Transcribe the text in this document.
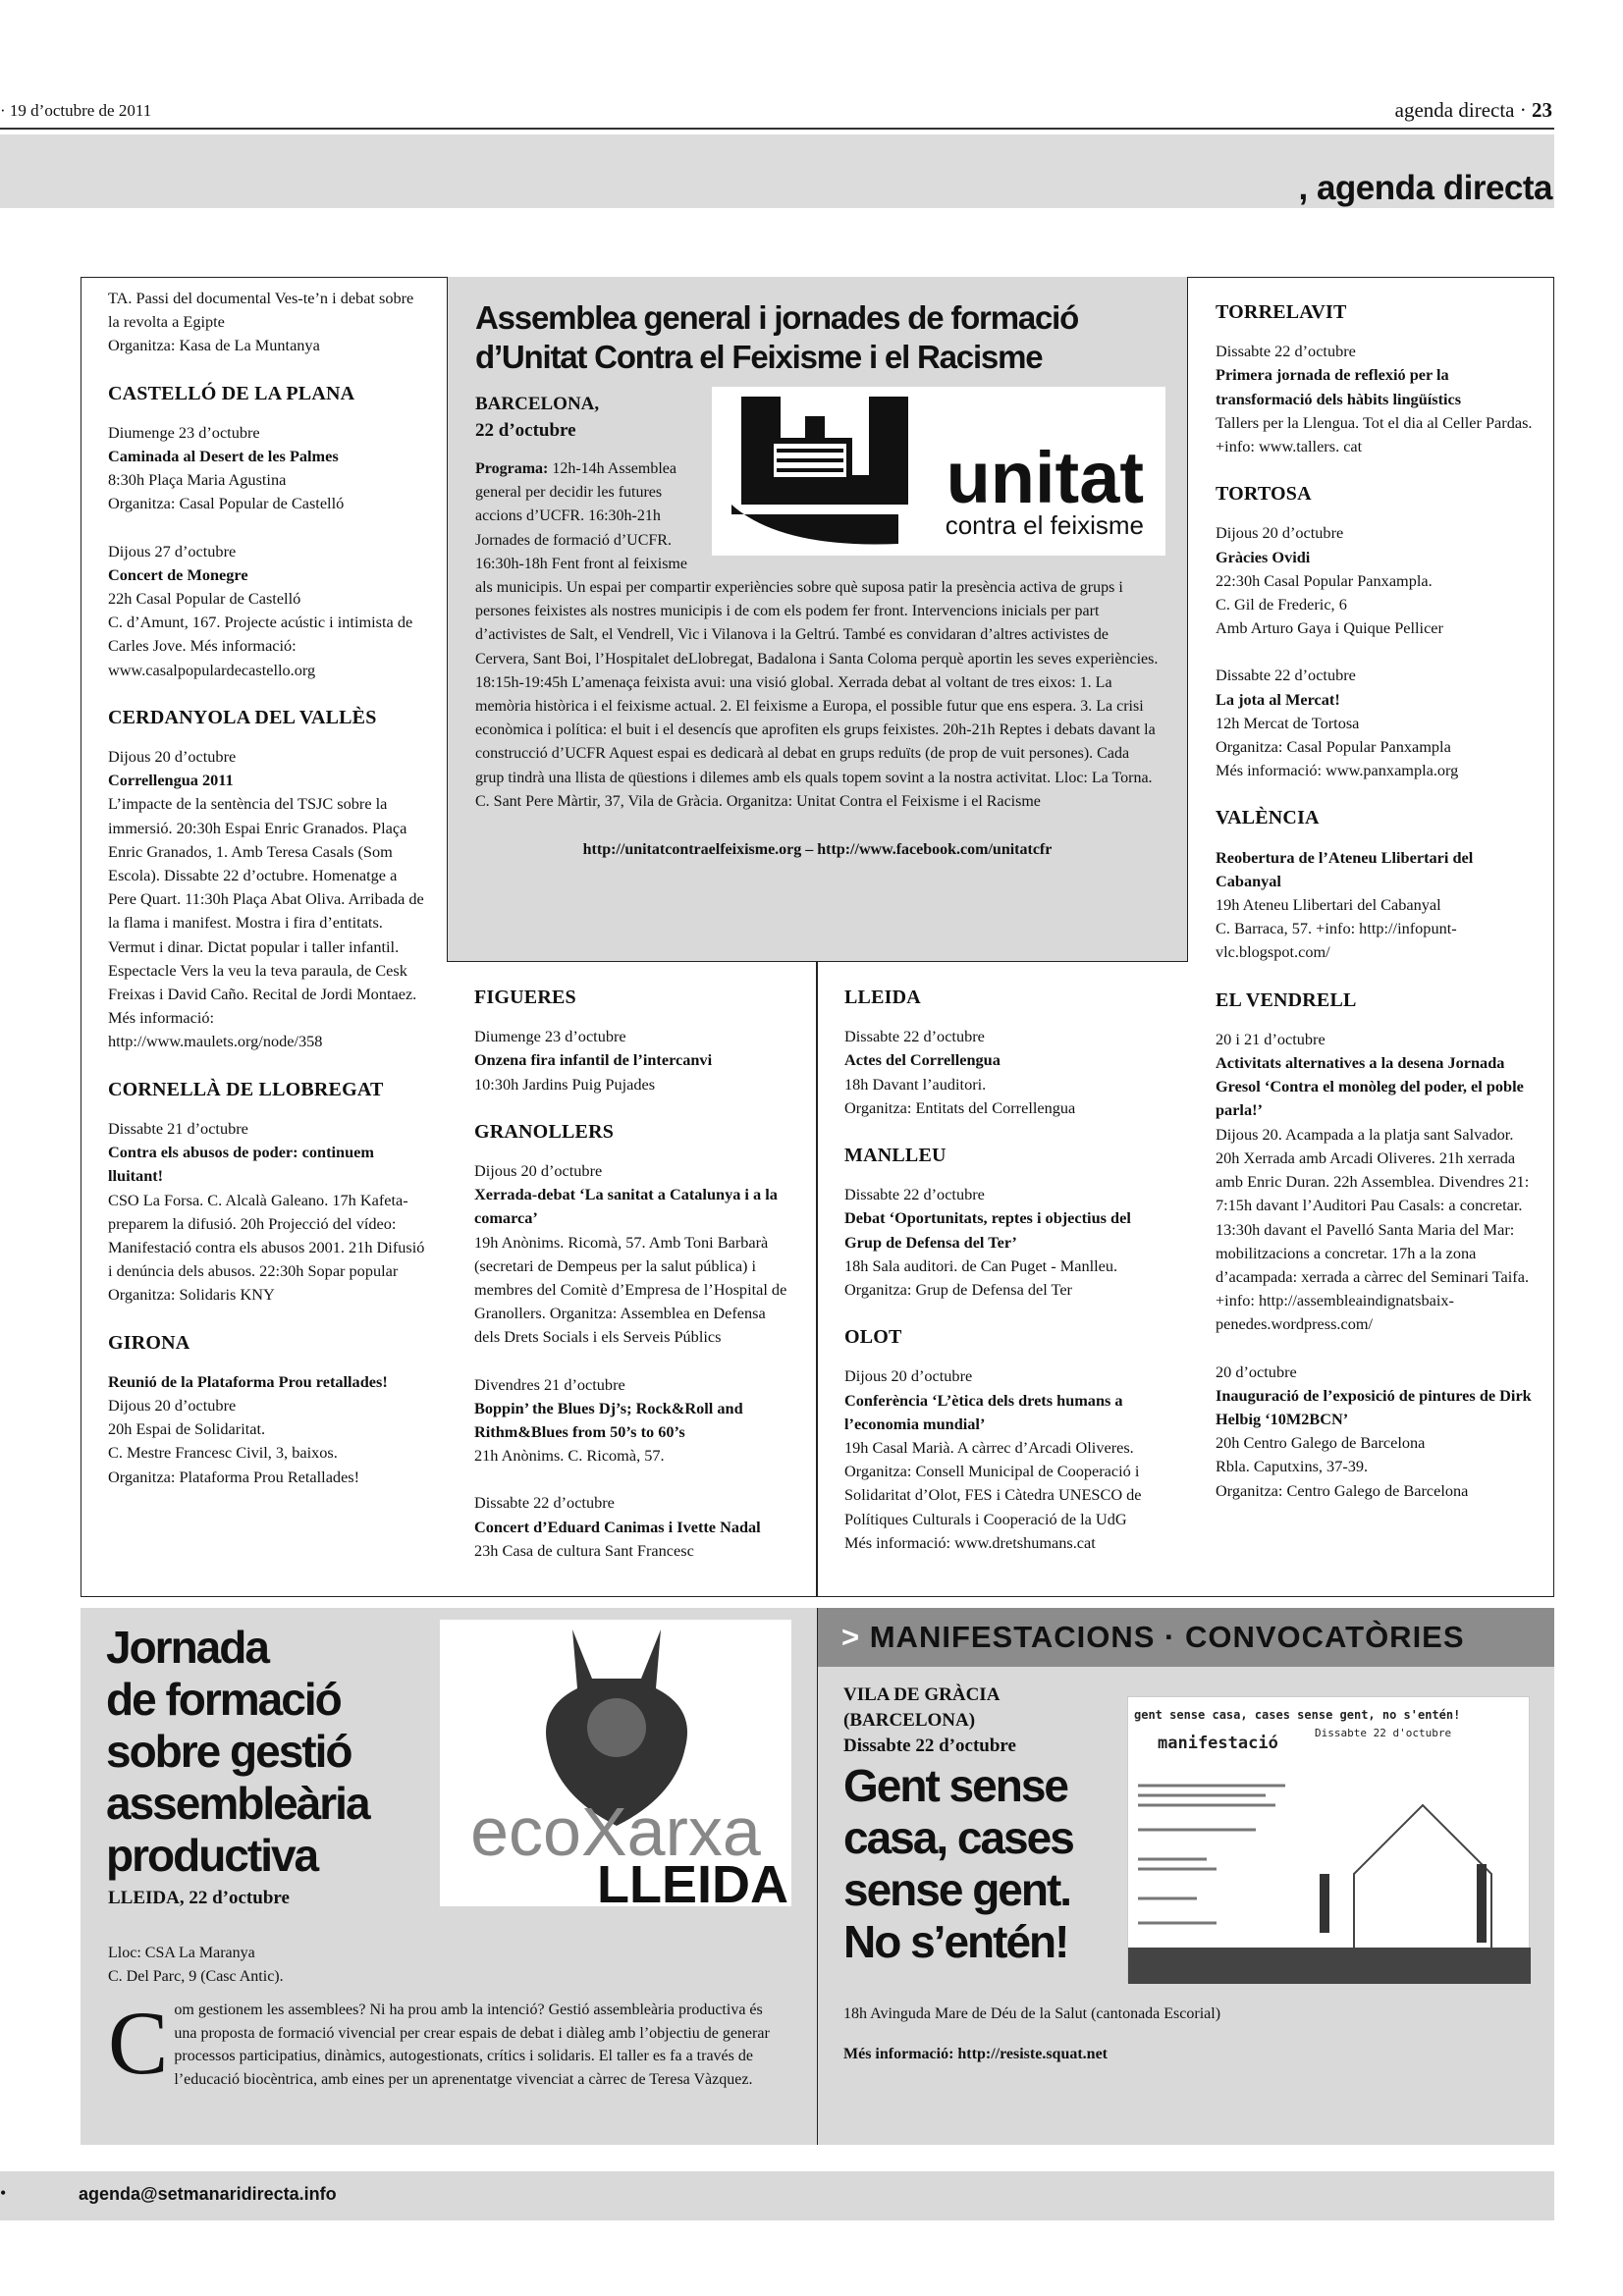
· 19 d’octubre de 2011	agenda directa · 23
, agenda directa
TA. Passi del documental Ves-te’n i debat sobre la revolta a Egipte
Organitza: Kasa de La Muntanya
CASTELLÓ DE LA PLANA
Diumenge 23 d’octubre
Caminada al Desert de les Palmes
8:30h Plaça Maria Agustina
Organitza: Casal Popular de Castelló
Dijous 27 d’octubre
Concert de Monegre
22h Casal Popular de Castelló
C. d’Amunt, 167. Projecte acústic i intimista de Carles Jove. Més informació: www.casalpopulardecastello.org
CERDANYOLA DEL VALLÈS
Dijous 20 d’octubre
Correllengua 2011
L’impacte de la sentència del TSJC sobre la immersió. 20:30h Espai Enric Granados. Plaça Enric Granados, 1. Amb Teresa Casals (Som Escola). Dissabte 22 d’octubre. Homenatge a Pere Quart. 11:30h Plaça Abat Oliva. Arribada de la flama i manifest. Mostra i fira d’entitats. Vermut i dinar. Dictat popular i taller infantil. Espectacle Vers la veu la teva paraula, de Cesk Freixas i David Caño. Recital de Jordi Montaez. Més informació: http://www.maulets.org/node/358
CORNELLÀ DE LLOBREGAT
Dissabte 21 d’octubre
Contra els abusos de poder: continuem lluitant!
CSO La Forsa. C. Alcalà Galeano. 17h Kafeta-preparem la difusió. 20h Projecció del vídeo: Manifestació contra els abusos 2001. 21h Difusió i denúncia dels abusos. 22:30h Sopar popular
Organitza: Solidaris KNY
GIRONA
Reunió de la Plataforma Prou retallades!
Dijous 20 d’octubre
20h Espai de Solidaritat.
C. Mestre Francesc Civil, 3, baixos.
Organitza: Plataforma Prou Retallades!
TORRELAVIT
Dissabte 22 d’octubre
Primera jornada de reflexió per la transformació dels hàbits lingüístics
Tallers per la Llengua. Tot el dia al Celler Pardas. +info: www.tallers. cat
TORTOSA
Dijous 20 d’octubre
Gràcies Ovidi
22:30h Casal Popular Panxampla.
C. Gil de Frederic, 6
Amb Arturo Gaya i Quique Pellicer
Dissabte 22 d’octubre
La jota al Mercat!
12h Mercat de Tortosa
Organitza: Casal Popular Panxampla
Més informació: www.panxampla.org
VALÈNCIA
Reobertura de l’Ateneu Llibertari del Cabanyal
19h Ateneu Llibertari del Cabanyal
C. Barraca, 57. +info: http://infopunt-vlc.blogspot.com/
EL VENDRELL
20 i 21 d’octubre
Activitats alternatives a la desena Jornada Gresol ‘Contra el monòleg del poder, el poble parla!’
Dijous 20. Acampada a la platja sant Salvador. 20h Xerrada amb Arcadi Oliveres. 21h xerrada amb Enric Duran. 22h Assemblea. Divendres 21: 7:15h davant l’Auditori Pau Casals: a concretar. 13:30h davant el Pavelló Santa Maria del Mar: mobilitzacions a concretar. 17h a la zona d’acampada: xerrada a càrrec del Seminari Taifa. +info: http://assembleaindignatsbaix-penedes.wordpress.com/
20 d’octubre
Inauguració de l’exposició de pintures de Dirk Helbig ‘10M2BCN’
20h Centro Galego de Barcelona
Rbla. Caputxins, 37-39.
Organitza: Centro Galego de Barcelona
Assemblea general i jornades de formació d’Unitat Contra el Feixisme i el Racisme
BARCELONA,
22 d’octubre
unitat
contra el feixisme
Programa: 12h-14h Assemblea general per decidir les futures accions d’UCFR. 16:30h-21h Jornades de formació d’UCFR. 16:30h-18h Fent front al feixisme als municipis. Un espai per compartir experiències sobre què suposa patir la presència activa de grups i persones feixistes als nostres municipis i de com els podem fer front. Intervencions inicials per part d’activistes de Salt, el Vendrell, Vic i Vilanova i la Geltrú. També es convidaran d’altres activistes de Cervera, Sant Boi, l’Hospitalet deLlobregat, Badalona i Santa Coloma perquè aportin les seves experiències. 18:15h-19:45h L’amenaça feixista avui: una visió global. Xerrada debat al voltant de tres eixos: 1. La memòria històrica i el feixisme actual. 2. El feixisme a Europa, el possible futur que ens espera. 3. La crisi econòmica i política: el buit i el desencís que aprofiten els grups feixistes. 20h-21h Reptes i debats davant la construcció d’UCFR Aquest espai es dedicarà al debat en grups reduïts (de prop de vuit persones). Cada grup tindrà una llista de qüestions i dilemes amb els quals topem sovint a la nostra activitat. Lloc: La Torna. C. Sant Pere Màrtir, 37, Vila de Gràcia. Organitza: Unitat Contra el Feixisme i el Racisme
http://unitatcontraelfeixisme.org – http://www.facebook.com/unitatcfr
FIGUERES
Diumenge 23 d’octubre
Onzena fira infantil de l’intercanvi
10:30h Jardins Puig Pujades
GRANOLLERS
Dijous 20 d’octubre
Xerrada-debat ‘La sanitat a Catalunya i a la comarca’
19h Anònims. Ricomà, 57. Amb Toni Barbarà (secretari de Dempeus per la salut pública) i membres del Comitè d’Empresa de l’Hospital de Granollers. Organitza: Assemblea en Defensa dels Drets Socials i els Serveis Públics
Divendres 21 d’octubre
Boppin’ the Blues Dj’s; Rock&Roll and Rithm&Blues from 50’s to 60’s
21h Anònims. C. Ricomà, 57.
Dissabte 22 d’octubre
Concert d’Eduard Canimas i Ivette Nadal
23h Casa de cultura Sant Francesc
LLEIDA
Dissabte 22 d’octubre
Actes del Correllengua
18h Davant l’auditori.
Organitza: Entitats del Correllengua
MANLLEU
Dissabte 22 d’octubre
Debat ‘Oportunitats, reptes i objectius del Grup de Defensa del Ter’
18h Sala auditori. de Can Puget - Manlleu. Organitza: Grup de Defensa del Ter
OLOT
Dijous 20 d’octubre
Conferència ‘L’ètica dels drets humans a l’economia mundial’
19h Casal Marià. A càrrec d’Arcadi Oliveres. Organitza: Consell Municipal de Cooperació i Solidaritat d’Olot, FES i Càtedra UNESCO de Polítiques Culturals i Cooperació de la UdG
Més informació: www.dretshumans.cat
Jornada
de formació
sobre gestió
assembleària
productiva
LLEIDA, 22 d’octubre
Lloc: CSA La Maranya
C. Del Parc, 9 (Casc Antic).
ecoXarxa
LLEIDA
Com gestionem les assemblees? Ni ha prou amb la intenció? Gestió assembleària productiva és una proposta de formació vivencial per crear espais de debat i diàleg amb l’objectiu de generar processos participatius, dinàmics, autogestionats, crítics i solidaris. El taller es fa a través de l’educació biocèntrica, amb eines per un aprenentatge vivenciat a càrrec de Teresa Vàzquez.
> MANIFESTACIONS · CONVOCATÒRIES
VILA DE GRÀCIA
(BARCELONA)
Dissabte 22 d’octubre
Gent sense
casa, cases
sense gent.
No s’entén!
gent sense casa, cases sense gent, no s'entén!
manifestació
Dissabte 22 d'octubre
18h Avinguda Mare de Déu de la Salut (cantonada Escorial)
Més informació: http://resiste.squat.net
•	agenda@setmanaridirecta.info
